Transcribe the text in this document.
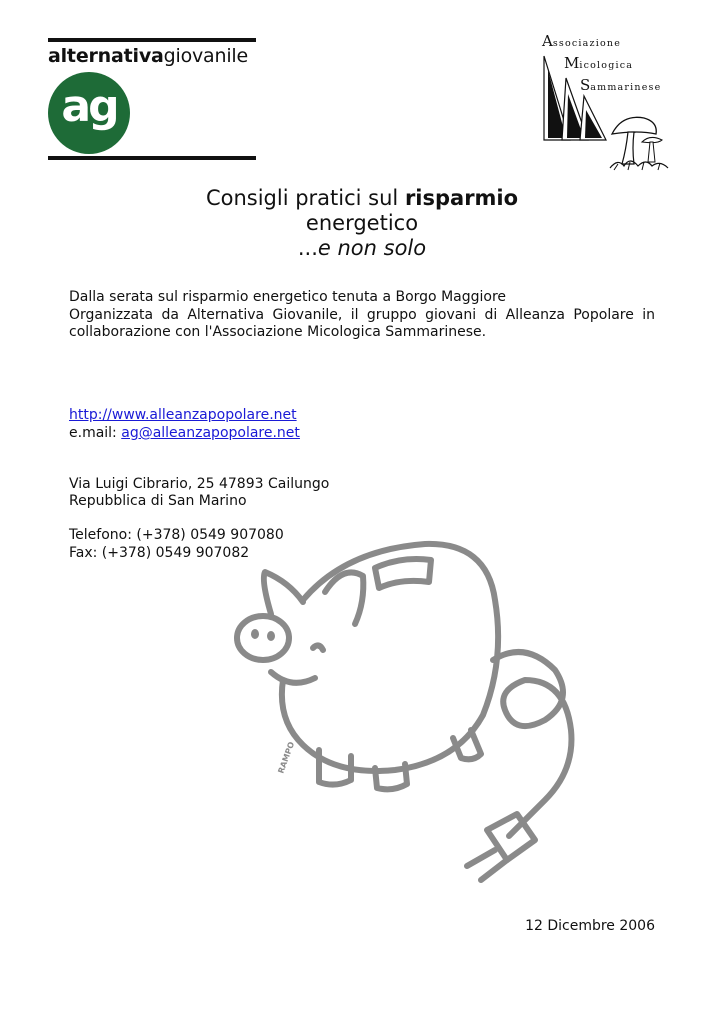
alternativagiovanile
ag
Associazione
Micologica
Sammarinese
Consigli pratici sul risparmio
energetico
...e non solo
Dalla serata sul risparmio energetico tenuta a Borgo Maggiore
Organizzata da Alternativa Giovanile, il gruppo giovani di Alleanza Popolare in collaborazione con l'Associazione Micologica Sammarinese.
http://www.alleanzapopolare.net
e.mail: ag@alleanzapopolare.net
Via Luigi Cibrario, 25 47893 Cailungo
Repubblica di San Marino
Telefono: (+378) 0549 907080
Fax: (+378) 0549 907082
RAMPO
12 Dicembre 2006
